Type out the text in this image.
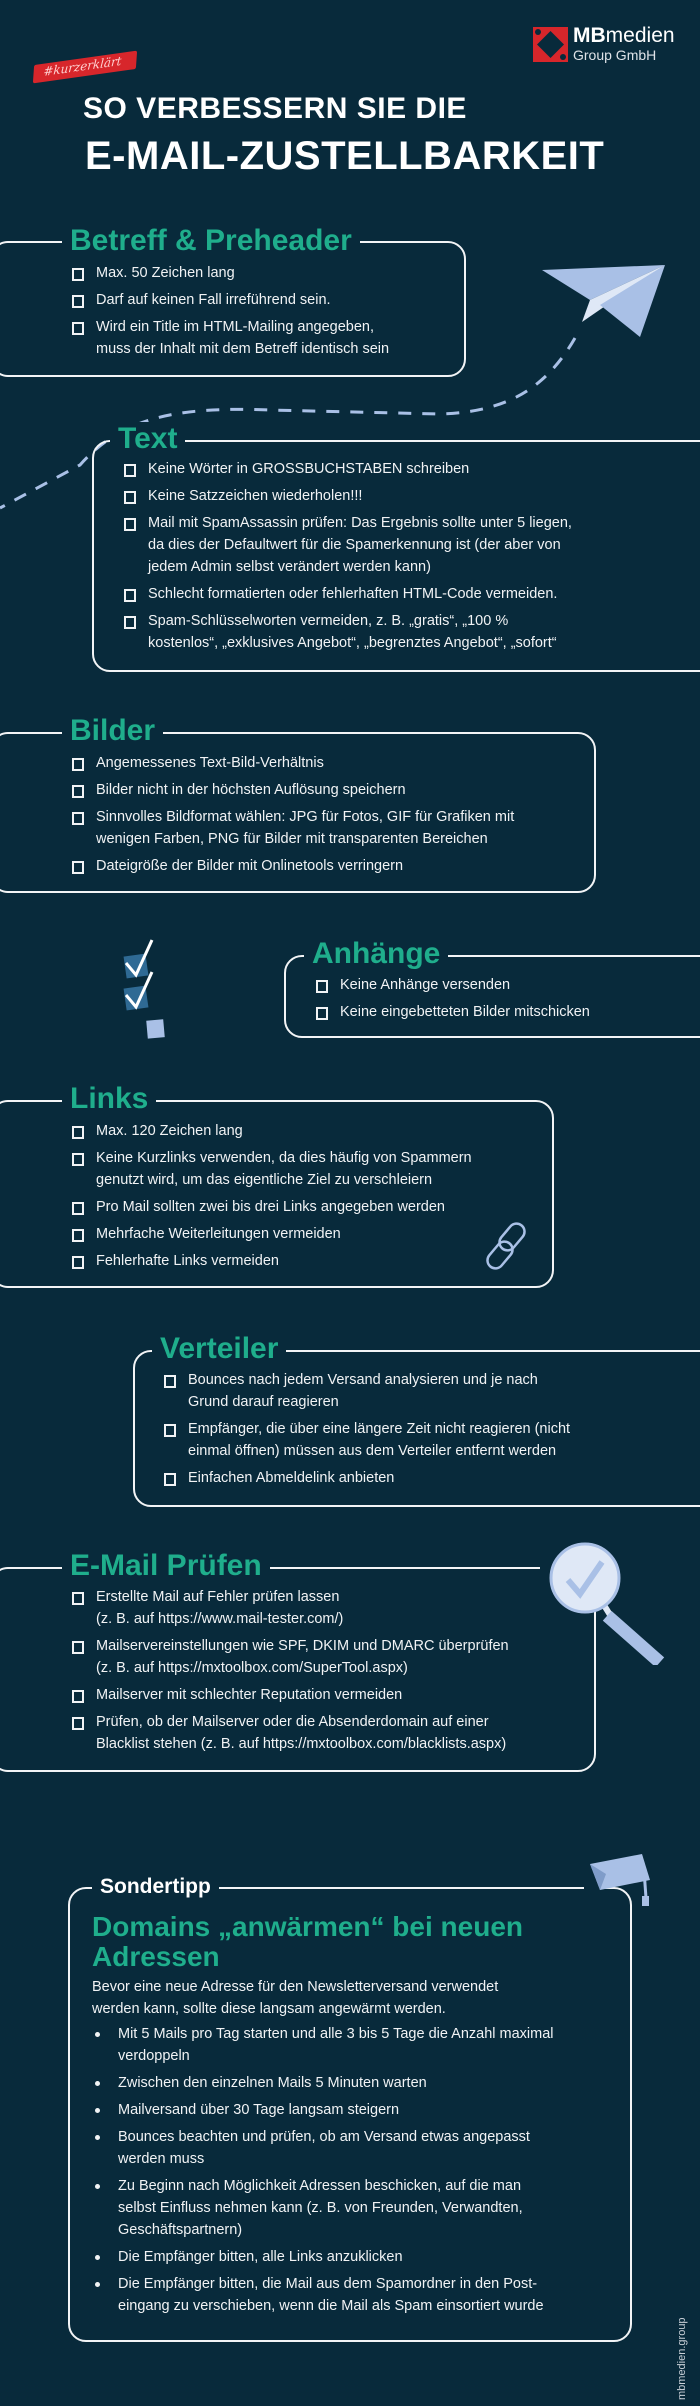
MBmedien
Group GmbH
#kurzerklärt
SO VERBESSERN SIE DIE
E-MAIL-ZUSTELLBARKEIT
Betreff & Preheader
Max. 50 Zeichen lang
Darf auf keinen Fall irreführend sein.
Wird ein Title im HTML-Mailing angegeben,
muss der Inhalt mit dem Betreff identisch sein
Text
Keine Wörter in GROSSBUCHSTABEN schreiben
Keine Satzzeichen wiederholen!!!
Mail mit SpamAssassin prüfen: Das Ergebnis sollte unter 5 liegen,
da dies der Defaultwert für die Spamerkennung ist (der aber von
jedem Admin selbst verändert werden kann)
Schlecht formatierten oder fehlerhaften HTML-Code vermeiden.
Spam-Schlüsselworten vermeiden, z. B. „gratis“, „100 %
kostenlos“, „exklusives Angebot“, „begrenztes Angebot“, „sofort“
Bilder
Angemessenes Text-Bild-Verhältnis
Bilder nicht in der höchsten Auflösung speichern
Sinnvolles Bildformat wählen: JPG für Fotos, GIF für Grafiken mit
wenigen Farben, PNG für Bilder mit transparenten Bereichen
Dateigröße der Bilder mit Onlinetools verringern
Anhänge
Keine Anhänge versenden
Keine eingebetteten Bilder mitschicken
Links
Max. 120 Zeichen lang
Keine Kurzlinks verwenden, da dies häufig von Spammern
genutzt wird, um das eigentliche Ziel zu verschleiern
Pro Mail sollten zwei bis drei Links angegeben werden
Mehrfache Weiterleitungen vermeiden
Fehlerhafte Links vermeiden
Verteiler
Bounces nach jedem Versand analysieren und je nach
Grund darauf reagieren
Empfänger, die über eine längere Zeit nicht reagieren (nicht
einmal öffnen) müssen aus dem Verteiler entfernt werden
Einfachen Abmeldelink anbieten
E-Mail Prüfen
Erstellte Mail auf Fehler prüfen lassen
(z. B. auf https://www.mail-tester.com/)
Mailservereinstellungen wie SPF, DKIM und DMARC überprüfen
(z. B. auf https://mxtoolbox.com/SuperTool.aspx)
Mailserver mit schlechter Reputation vermeiden
Prüfen, ob der Mailserver oder die Absenderdomain auf einer
Blacklist stehen (z. B. auf https://mxtoolbox.com/blacklists.aspx)
Sondertipp
Domains „anwärmen“ bei neuen
Adressen
Bevor eine neue Adresse für den Newsletterversand verwendet
werden kann, sollte diese langsam angewärmt werden.
Mit 5 Mails pro Tag starten und alle 3 bis 5 Tage die Anzahl maximal
verdoppeln
Zwischen den einzelnen Mails 5 Minuten warten
Mailversand über 30 Tage langsam steigern
Bounces beachten und prüfen, ob am Versand etwas angepasst
werden muss
Zu Beginn nach Möglichkeit Adressen beschicken, auf die man
selbst Einfluss nehmen kann (z. B. von Freunden, Verwandten,
Geschäftspartnern)
Die Empfänger bitten, alle Links anzuklicken
Die Empfänger bitten, die Mail aus dem Spamordner in den Post-
eingang zu verschieben, wenn die Mail als Spam einsortiert wurde
mbmedien.group
